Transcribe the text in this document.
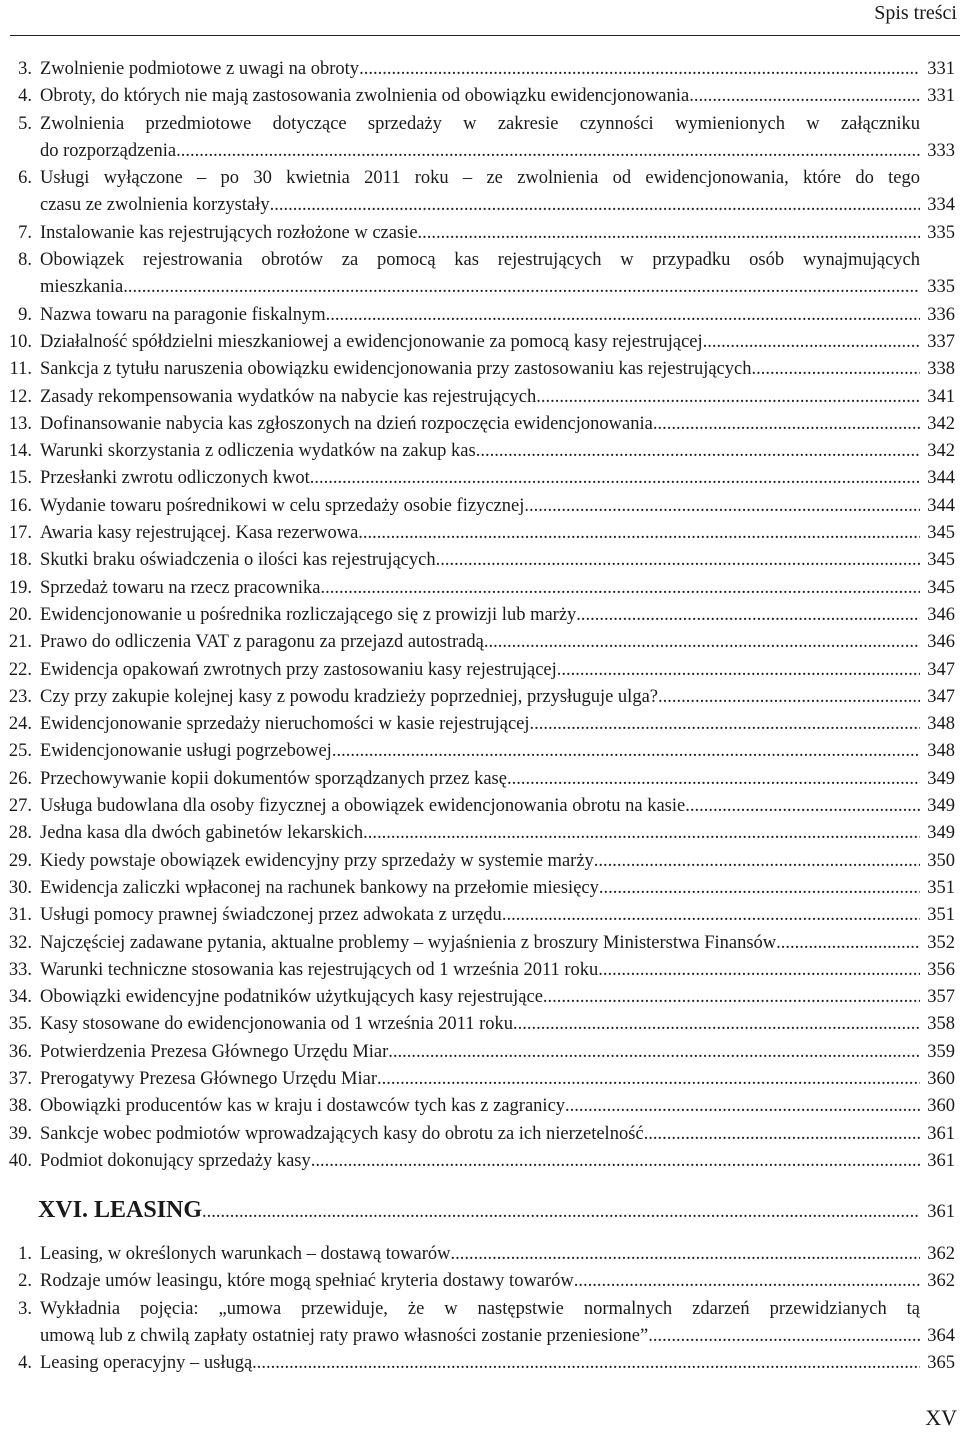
Spis treści
3. Zwolnienie podmiotowe z uwagi na obroty .....	331
4. Obroty, do których nie mają zastosowania zwolnienia od obowiązku ewidencjonowania .....	331
5. Zwolnienia przedmiotowe dotyczące sprzedaży w zakresie czynności wymienionych w załączniku
do rozporządzenia .....	333
6. Usługi wyłączone – po 30 kwietnia 2011 roku – ze zwolnienia od ewidencjonowania, które do tego
czasu ze zwolnienia korzystały .....	334
7. Instalowanie kas rejestrujących rozłożone w czasie .....	335
8. Obowiązek rejestrowania obrotów za pomocą kas rejestrujących w przypadku osób wynajmujących
mieszkania .....	335
9. Nazwa towaru na paragonie fiskalnym .....	336
10. Działalność spółdzielni mieszkaniowej a ewidencjonowanie za pomocą kasy rejestrującej .....	337
11. Sankcja z tytułu naruszenia obowiązku ewidencjonowania przy zastosowaniu kas rejestrujących .....	338
12. Zasady rekompensowania wydatków na nabycie kas rejestrujących .....	341
13. Dofinansowanie nabycia kas zgłoszonych na dzień rozpoczęcia ewidencjonowania .....	342
14. Warunki skorzystania z odliczenia wydatków na zakup kas .....	342
15. Przesłanki zwrotu odliczonych kwot .....	344
16. Wydanie towaru pośrednikowi w celu sprzedaży osobie fizycznej .....	344
17. Awaria kasy rejestrującej. Kasa rezerwowa .....	345
18. Skutki braku oświadczenia o ilości kas rejestrujących .....	345
19. Sprzedaż towaru na rzecz pracownika .....	345
20. Ewidencjonowanie u pośrednika rozliczającego się z prowizji lub marży .....	346
21. Prawo do odliczenia VAT z paragonu za przejazd autostradą .....	346
22. Ewidencja opakowań zwrotnych przy zastosowaniu kasy rejestrującej .....	347
23. Czy przy zakupie kolejnej kasy z powodu kradzieży poprzedniej, przysługuje ulga? .....	347
24. Ewidencjonowanie sprzedaży nieruchomości w kasie rejestrującej .....	348
25. Ewidencjonowanie usługi pogrzebowej .....	348
26. Przechowywanie kopii dokumentów sporządzanych przez kasę .....	349
27. Usługa budowlana dla osoby fizycznej a obowiązek ewidencjonowania obrotu na kasie .....	349
28. Jedna kasa dla dwóch gabinetów lekarskich .....	349
29. Kiedy powstaje obowiązek ewidencyjny przy sprzedaży w systemie marży .....	350
30. Ewidencja zaliczki wpłaconej na rachunek bankowy na przełomie miesięcy .....	351
31. Usługi pomocy prawnej świadczonej przez adwokata z urzędu .....	351
32. Najczęściej zadawane pytania, aktualne problemy – wyjaśnienia z broszury Ministerstwa Finansów .....	352
33. Warunki techniczne stosowania kas rejestrujących od 1 września 2011 roku .....	356
34. Obowiązki ewidencyjne podatników użytkujących kasy rejestrujące .....	357
35. Kasy stosowane do ewidencjonowania od 1 września 2011 roku .....	358
36. Potwierdzenia Prezesa Głównego Urzędu Miar .....	359
37. Prerogatywy Prezesa Głównego Urzędu Miar .....	360
38. Obowiązki producentów kas w kraju i dostawców tych kas z zagranicy .....	360
39. Sankcje wobec podmiotów wprowadzających kasy do obrotu za ich nierzetelność .....	361
40. Podmiot dokonujący sprzedaży kasy .....	361
XVI. LEASING .....	361
1. Leasing, w określonych warunkach – dostawą towarów .....	362
2. Rodzaje umów leasingu, które mogą spełniać kryteria dostawy towarów .....	362
3. Wykładnia pojęcia: „umowa przewiduje, że w następstwie normalnych zdarzeń przewidzianych tą
umową lub z chwilą zapłaty ostatniej raty prawo własności zostanie przeniesione” .....	364
4. Leasing operacyjny – usługą .....	365
XV
